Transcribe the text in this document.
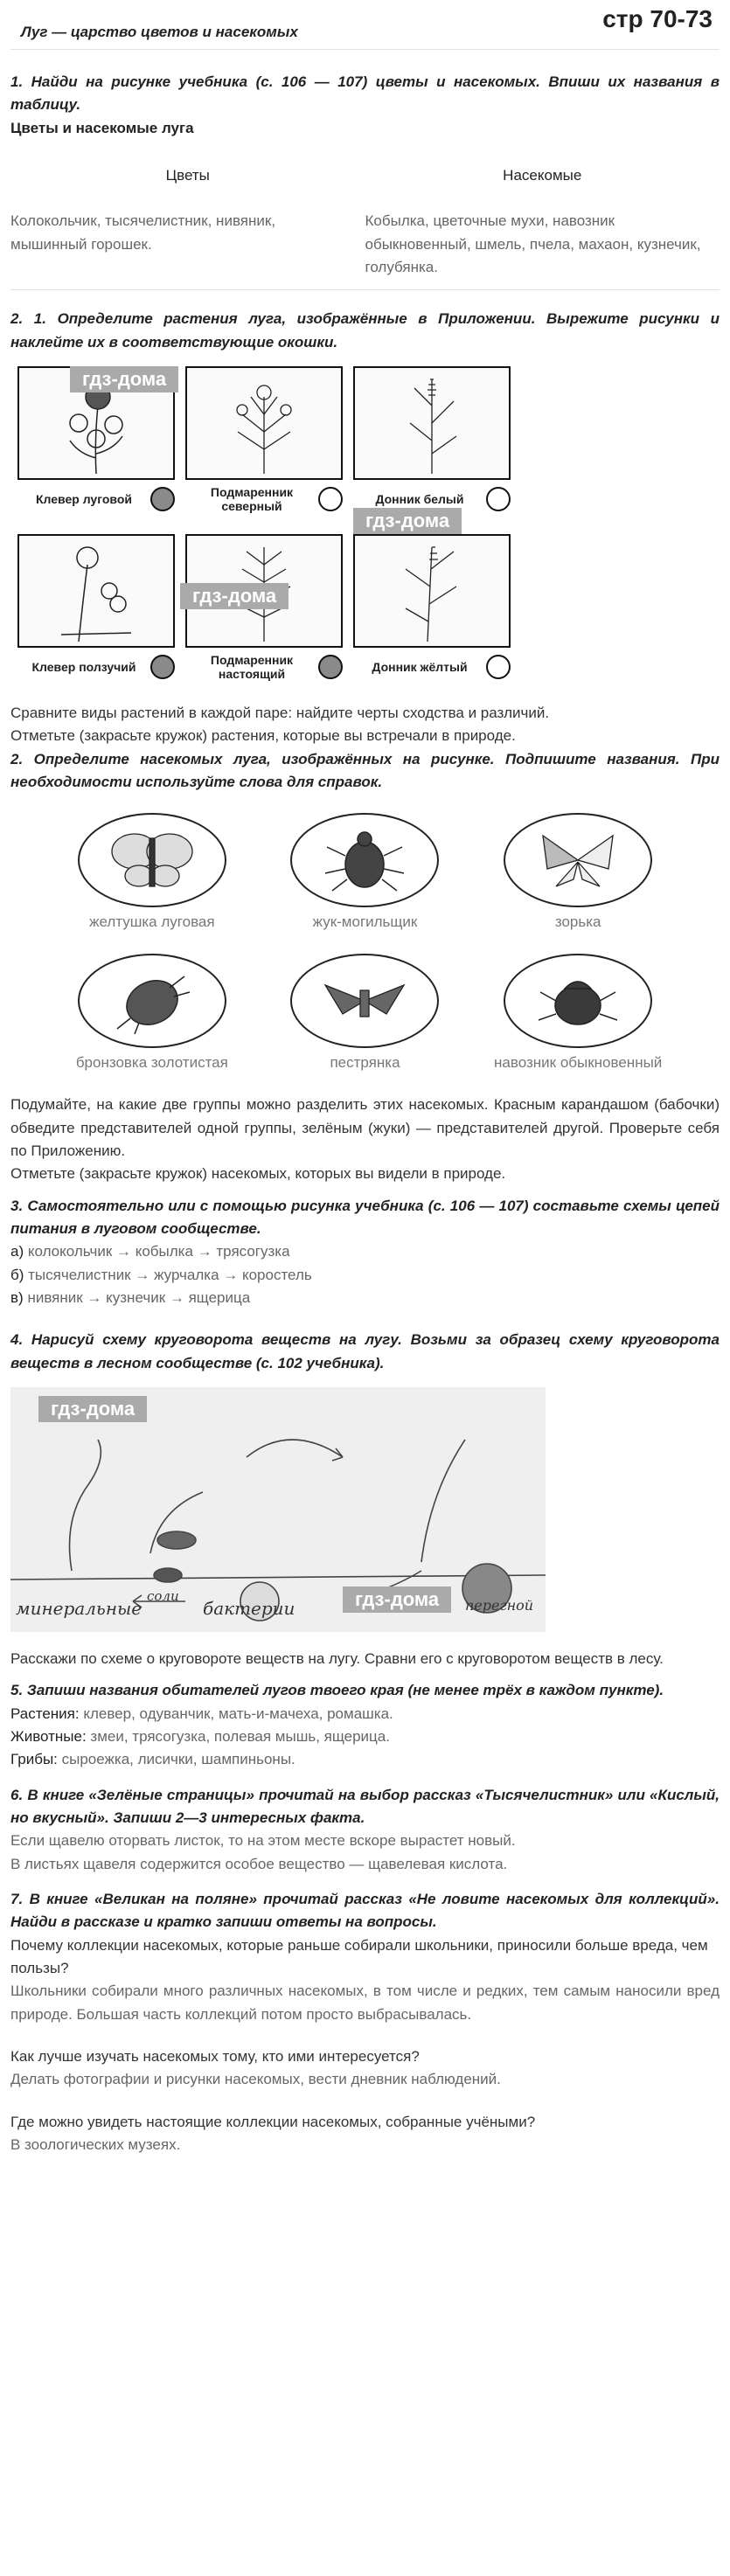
Луг — царство цветов и насекомых	стр 70-73
1. Найди на рисунке учебника (с. 106 — 107) цветы и насекомых. Впиши их названия в таблицу.
Цветы и насекомые луга
Цветы	Насекомые
Колокольчик, тысячелистник, нивяник, мышинный горошек.	Кобылка, цветочные мухи, навозник обыкновенный, шмель, пчела, махаон, кузнечик, голубянка.
2. 1. Определите растения луга, изображённые в Приложении. Вырежите рисунки и наклейте их в соответствующие окошки.
Клевер луговой
гдз-дома
Подмаренник северный
Донник белый
Клевер ползучий
Подмаренник настоящий
гдз-дома
Донник жёлтый
гдз-дома
Сравните виды растений в каждой паре: найдите черты сходства и различий.
Отметьте (закрасьте кружок) растения, которые вы встречали в природе.
2. Определите насекомых луга, изображённых на рисунке. Подпишите названия. При необходимости используйте слова для справок.
желтушка луговая	жук-могильщик	зорька
бронзовка золотистая	пестрянка	навозник обыкновенный
Подумайте, на какие две группы можно разделить этих насекомых. Красным карандашом (бабочки) обведите представителей одной группы, зелёным (жуки) — представителей другой. Проверьте себя по Приложению.
Отметьте (закрасьте кружок) насекомых, которых вы видели в природе.
3. Самостоятельно или с помощью рисунка учебника (с. 106 — 107) составьте схемы цепей питания в луговом сообществе.
а) колокольчик → кобылка → трясогузка
б) тысячелистник → журчалка → коростель
в) нивяник → кузнечик → ящерица
4. Нарисуй схему круговорота веществ на лугу. Возьми за образец схему круговорота веществ в лесном сообществе (с. 102 учебника).
гдз-дома
гдз-дома
минеральные
соли
бактерии	перегной
Расскажи по схеме о круговороте веществ на лугу. Сравни его с круговоротом веществ в лесу.
5. Запиши названия обитателей лугов твоего края (не менее трёх в каждом пункте).
Растения: клевер, одуванчик, мать-и-мачеха, ромашка.
Животные: змеи, трясогузка, полевая мышь, ящерица.
Грибы: сыроежка, лисички, шампиньоны.
6. В книге «Зелёные страницы» прочитай на выбор рассказ «Тысячелистник» или «Кислый, но вкусный». Запиши 2—3 интересных факта.
Если щавелю оторвать листок, то на этом месте вскоре вырастет новый.
В листьях щавеля содержится особое вещество — щавелевая кислота.
7. В книге «Великан на поляне» прочитай рассказ «Не ловите насекомых для коллекций». Найди в рассказе и кратко запиши ответы на вопросы.
Почему коллекции насекомых, которые раньше собирали школьники, приносили больше вреда, чем пользы?
Школьники собирали много различных насекомых, в том числе и редких, тем самым наносили вред природе. Большая часть коллекций потом просто выбрасывалась.
Как лучше изучать насекомых тому, кто ими интересуется?
Делать фотографии и рисунки насекомых, вести дневник наблюдений.
Где можно увидеть настоящие коллекции насекомых, собранные учёными?
В зоологических музеях.
